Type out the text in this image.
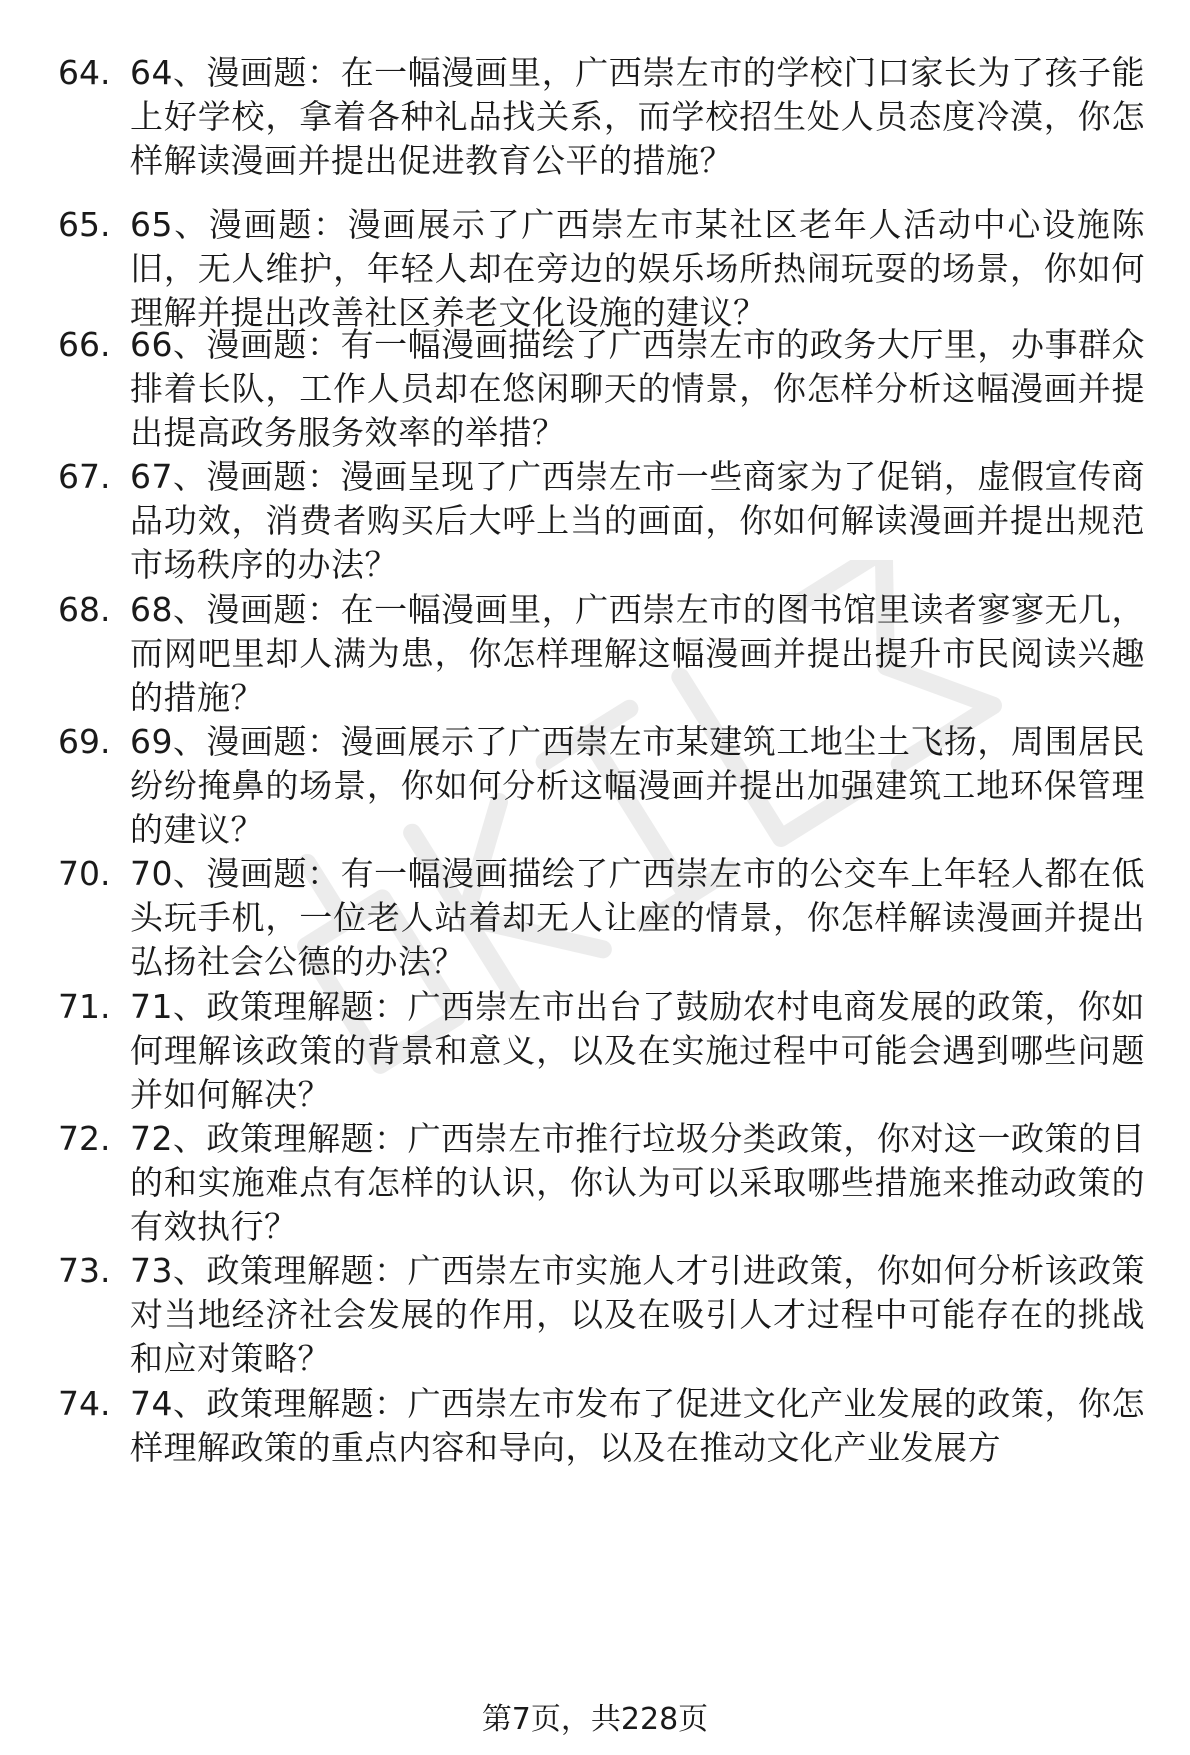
64. 64、漫画题：在一幅漫画里，广西崇左市的学校门口家长为了孩子能上好学校，拿着各种礼品找关系，而学校招生处人员态度冷漠，你怎样解读漫画并提出促进教育公平的措施？
65. 65、漫画题：漫画展示了广西崇左市某社区老年人活动中心设施陈旧，无人维护，年轻人却在旁边的娱乐场所热闹玩耍的场景，你如何理解并提出改善社区养老文化设施的建议？
66. 66、漫画题：有一幅漫画描绘了广西崇左市的政务大厅里，办事群众排着长队，工作人员却在悠闲聊天的情景，你怎样分析这幅漫画并提出提高政务服务效率的举措？
67. 67、漫画题：漫画呈现了广西崇左市一些商家为了促销，虚假宣传商品功效，消费者购买后大呼上当的画面，你如何解读漫画并提出规范市场秩序的办法？
68. 68、漫画题：在一幅漫画里，广西崇左市的图书馆里读者寥寥无几，而网吧里却人满为患，你怎样理解这幅漫画并提出提升市民阅读兴趣的措施？
69. 69、漫画题：漫画展示了广西崇左市某建筑工地尘土飞扬，周围居民纷纷掩鼻的场景，你如何分析这幅漫画并提出加强建筑工地环保管理的建议？
70. 70、漫画题：有一幅漫画描绘了广西崇左市的公交车上年轻人都在低头玩手机，一位老人站着却无人让座的情景，你怎样解读漫画并提出弘扬社会公德的办法？
71. 71、政策理解题：广西崇左市出台了鼓励农村电商发展的政策，你如何理解该政策的背景和意义，以及在实施过程中可能会遇到哪些问题并如何解决？
72. 72、政策理解题：广西崇左市推行垃圾分类政策，你对这一政策的目的和实施难点有怎样的认识，你认为可以采取哪些措施来推动政策的有效执行？
73. 73、政策理解题：广西崇左市实施人才引进政策，你如何分析该政策对当地经济社会发展的作用，以及在吸引人才过程中可能存在的挑战和应对策略？
74. 74、政策理解题：广西崇左市发布了促进文化产业发展的政策，你怎样理解政策的重点内容和导向，以及在推动文化产业发展方
第7页，共228页
